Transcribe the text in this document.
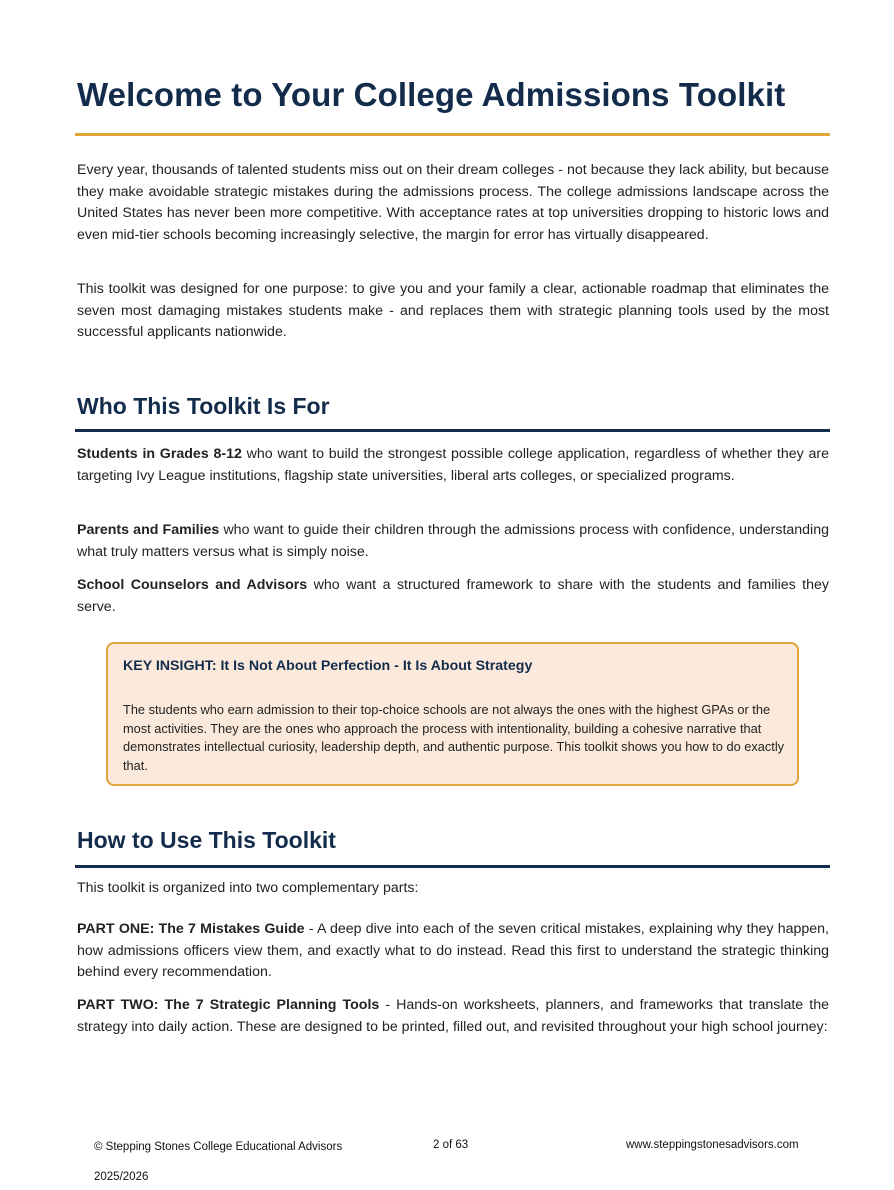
Welcome to Your College Admissions Toolkit

Every year, thousands of talented students miss out on their dream colleges - not because they lack ability, but because they make avoidable strategic mistakes during the admissions process. The college admissions landscape across the United States has never been more competitive. With acceptance rates at top universities dropping to historic lows and even mid-tier schools becoming increasingly selective, the margin for error has virtually disappeared.

This toolkit was designed for one purpose: to give you and your family a clear, actionable roadmap that eliminates the seven most damaging mistakes students make - and replaces them with strategic planning tools used by the most successful applicants nationwide.

Who This Toolkit Is For

Students in Grades 8-12 who want to build the strongest possible college application, regardless of whether they are targeting Ivy League institutions, flagship state universities, liberal arts colleges, or specialized programs.

Parents and Families who want to guide their children through the admissions process with confidence, understanding what truly matters versus what is simply noise.

School Counselors and Advisors who want a structured framework to share with the students and families they serve.

KEY INSIGHT: It Is Not About Perfection - It Is About Strategy
The students who earn admission to their top-choice schools are not always the ones with the highest GPAs or the most activities. They are the ones who approach the process with intentionality, building a cohesive narrative that demonstrates intellectual curiosity, leadership depth, and authentic purpose. This toolkit shows you how to do exactly that.
How to Use This Toolkit

This toolkit is organized into two complementary parts:

PART ONE: The 7 Mistakes Guide - A deep dive into each of the seven critical mistakes, explaining why they happen, how admissions officers view them, and exactly what to do instead. Read this first to understand the strategic thinking behind every recommendation.

PART TWO: The 7 Strategic Planning Tools - Hands-on worksheets, planners, and frameworks that translate the strategy into daily action. These are designed to be printed, filled out, and revisited throughout your high school journey:

© Stepping Stones College Educational Advisors	2 of 63	www.steppingstonesadvisors.com
2025/2026
